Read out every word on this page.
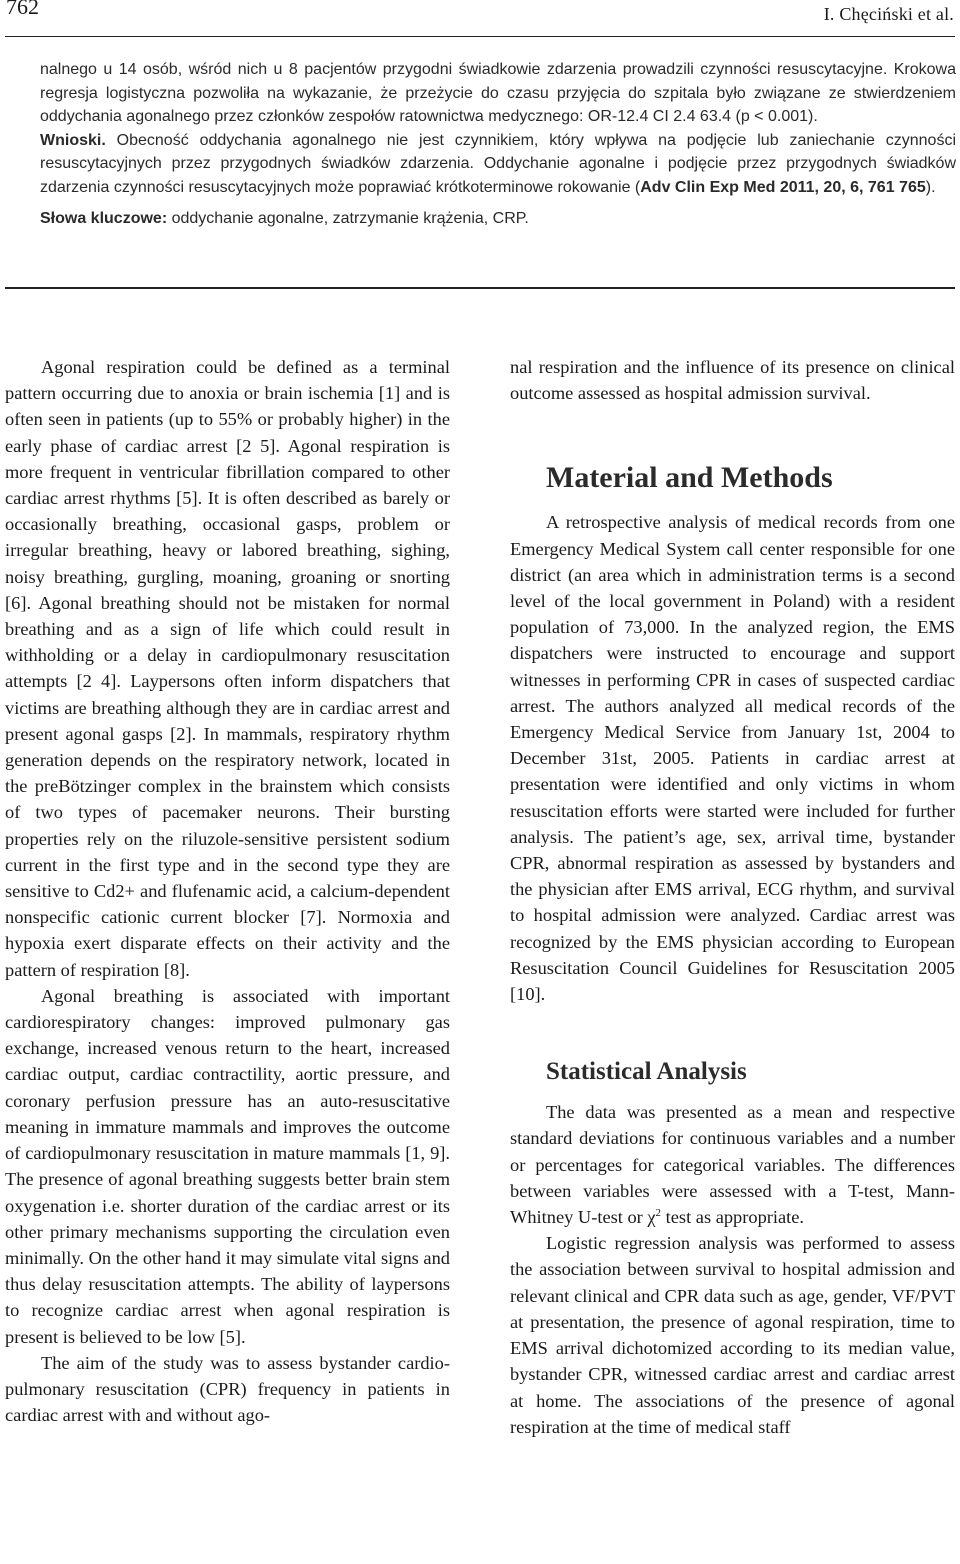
762	I. Chęciński et al.

nalnego u 14 osób, wśród nich u 8 pacjentów przygodni świadkowie zdarzenia prowadzili czynności resuscytacyjne. Krokowa regresja logistyczna pozwoliła na wykazanie, że przeżycie do czasu przyjęcia do szpitala było związane ze stwierdzeniem oddychania agonalnego przez członków zespołów ratownictwa medycznego: OR-12.4 CI 2.4 63.4 (p < 0.001).

Wnioski. Obecność oddychania agonalnego nie jest czynnikiem, który wpływa na podjęcie lub zaniechanie czynności resuscytacyjnych przez przygodnych świadków zdarzenia. Oddychanie agonalne i podjęcie przez przygodnych świadków zdarzenia czynności resuscytacyjnych może poprawiać krótkoterminowe rokowanie (Adv Clin Exp Med 2011, 20, 6, 761 765).

Słowa kluczowe: oddychanie agonalne, zatrzymanie krążenia, CRP.

Agonal respiration could be defined as a terminal pattern occurring due to anoxia or brain ischemia [1] and is often seen in patients (up to 55% or probably higher) in the early phase of cardiac arrest [2 5]. Agonal respiration is more frequent in ventricular fibrillation compared to other cardiac arrest rhythms [5]. It is often described as barely or occasionally breathing, occasional gasps, problem or irregular breathing, heavy or labored breathing, sighing, noisy breathing, gurgling, moaning, groaning or snorting [6]. Agonal breathing should not be mistaken for normal breathing and as a sign of life which could result in withholding or a delay in cardiopulmonary resuscitation attempts [2 4]. Laypersons often inform dispatchers that victims are breathing although they are in cardiac arrest and present agonal gasps [2]. In mammals, respiratory rhythm generation depends on the respiratory network, located in the preBötzinger complex in the brainstem which consists of two types of pacemaker neurons. Their bursting properties rely on the riluzole-sensitive persistent sodium current in the first type and in the second type they are sensitive to Cd2+ and flufenamic acid, a calcium-dependent nonspecific cationic current blocker [7]. Normoxia and hypoxia exert disparate effects on their activity and the pattern of respiration [8].

Agonal breathing is associated with important cardiorespiratory changes: improved pulmonary gas exchange, increased venous return to the heart, increased cardiac output, cardiac contractility, aortic pressure, and coronary perfusion pressure has an auto-resuscitative meaning in immature mammals and improves the outcome of cardiopulmonary resuscitation in mature mammals [1, 9]. The presence of agonal breathing suggests better brain stem oxygenation i.e. shorter duration of the cardiac arrest or its other primary mechanisms supporting the circulation even minimally. On the other hand it may simulate vital signs and thus delay resuscitation attempts. The ability of laypersons to recognize cardiac arrest when agonal respiration is present is believed to be low [5].

The aim of the study was to assess bystander cardio-pulmonary resuscitation (CPR) frequency in patients in cardiac arrest with and without ago-

nal respiration and the influence of its presence on clinical outcome assessed as hospital admission survival.

Material and Methods

A retrospective analysis of medical records from one Emergency Medical System call center responsible for one district (an area which in administration terms is a second level of the local government in Poland) with a resident population of 73,000. In the analyzed region, the EMS dispatchers were instructed to encourage and support witnesses in performing CPR in cases of suspected cardiac arrest. The authors analyzed all medical records of the Emergency Medical Service from January 1st, 2004 to December 31st, 2005. Patients in cardiac arrest at presentation were identified and only victims in whom resuscitation efforts were started were included for further analysis. The patient’s age, sex, arrival time, bystander CPR, abnormal respiration as assessed by bystanders and the physician after EMS arrival, ECG rhythm, and survival to hospital admission were analyzed. Cardiac arrest was recognized by the EMS physician according to European Resuscitation Council Guidelines for Resuscitation 2005 [10].

Statistical Analysis

The data was presented as a mean and respective standard deviations for continuous variables and a number or percentages for categorical variables. The differences between variables were assessed with a T-test, Mann-Whitney U-test or $\chi^2$ test as appropriate.

Logistic regression analysis was performed to assess the association between survival to hospital admission and relevant clinical and CPR data such as age, gender, VF/PVT at presentation, the presence of agonal respiration, time to EMS arrival dichotomized according to its median value, bystander CPR, witnessed cardiac arrest and cardiac arrest at home. The associations of the presence of agonal respiration at the time of medical staff
